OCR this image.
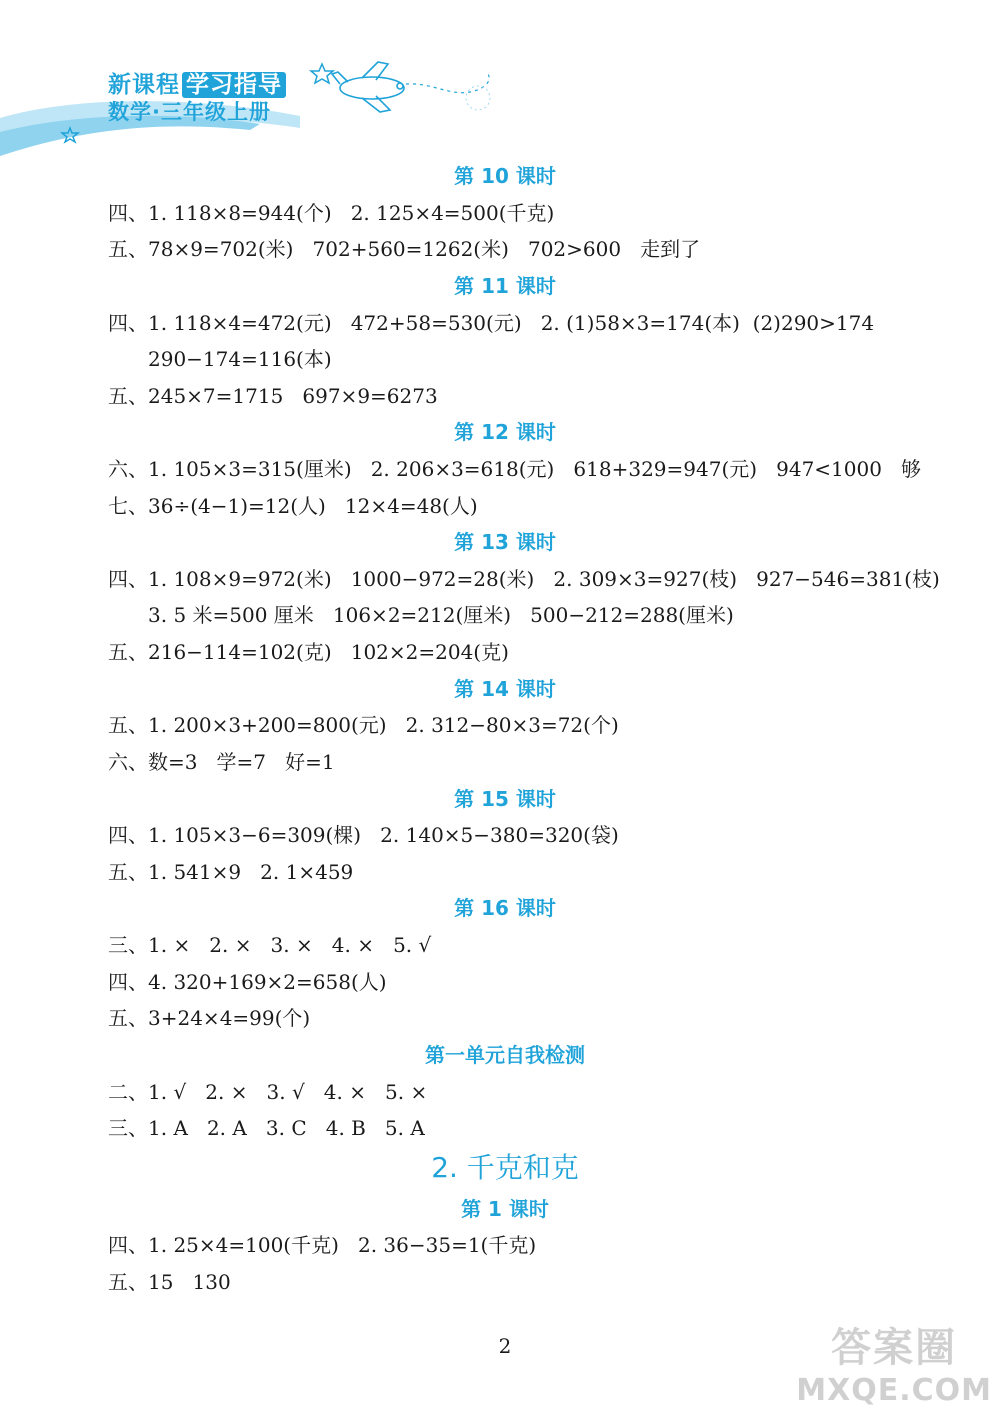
新课程 学习指导
数学·三年级上册
第 10 课时
四、1. 118×8=944(个)   2. 125×4=500(千克)
五、78×9=702(米)   702+560=1262(米)   702>600   走到了
第 11 课时
四、1. 118×4=472(元)   472+58=530(元)   2. (1)58×3=174(本)  (2)290>174
290−174=116(本)
五、245×7=1715   697×9=6273
第 12 课时
六、1. 105×3=315(厘米)   2. 206×3=618(元)   618+329=947(元)   947<1000   够
七、36÷(4−1)=12(人)   12×4=48(人)
第 13 课时
四、1. 108×9=972(米)   1000−972=28(米)   2. 309×3=927(枝)   927−546=381(枝)
3. 5 米=500 厘米   106×2=212(厘米)   500−212=288(厘米)
五、216−114=102(克)   102×2=204(克)
第 14 课时
五、1. 200×3+200=800(元)   2. 312−80×3=72(个)
六、数=3   学=7   好=1
第 15 课时
四、1. 105×3−6=309(棵)   2. 140×5−380=320(袋)
五、1. 541×9   2. 1×459
第 16 课时
三、1. ×   2. ×   3. ×   4. ×   5. √
四、4. 320+169×2=658(人)
五、3+24×4=99(个)
第一单元自我检测
二、1. √   2. ×   3. √   4. ×   5. ×
三、1. A   2. A   3. C   4. B   5. A
2. 千克和克
第 1 课时
四、1. 25×4=100(千克)   2. 36−35=1(千克)
五、15   130
2	答案圈
MXQE.COM
